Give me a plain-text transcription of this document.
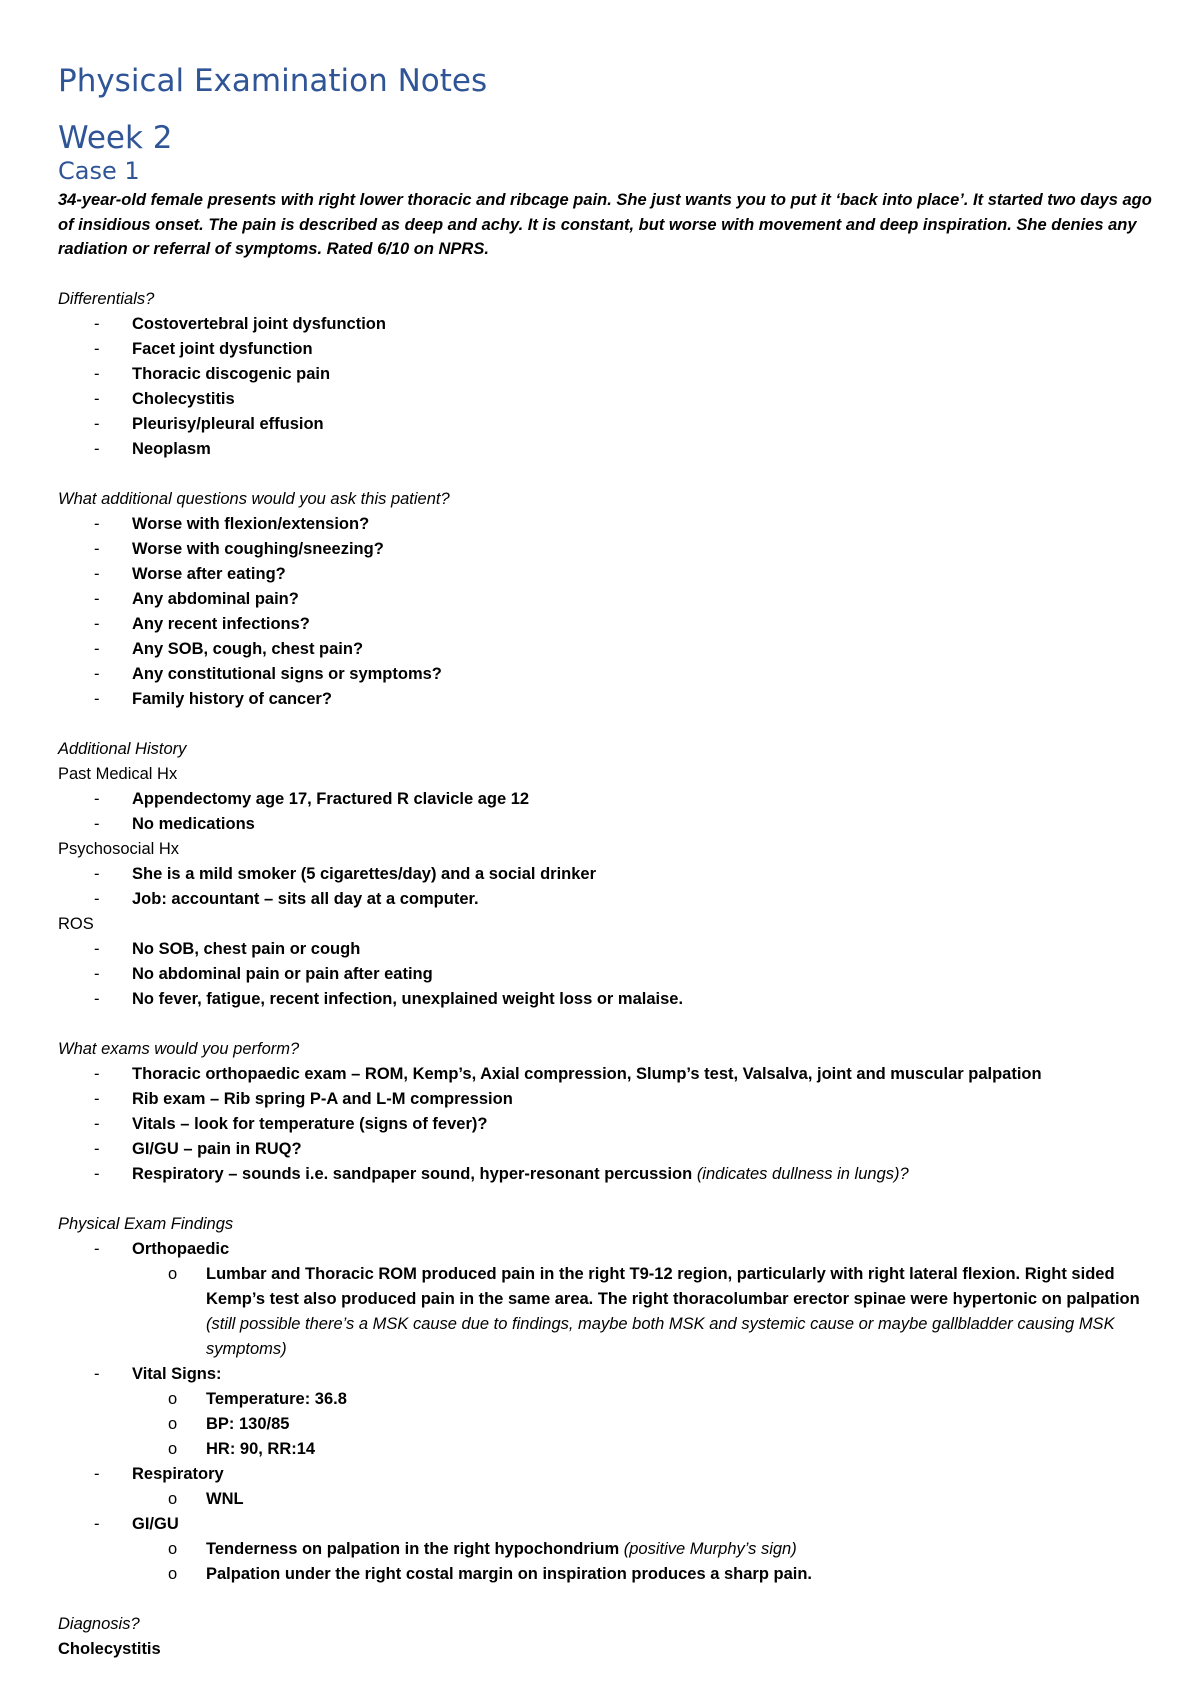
Physical Examination Notes
Week 2
Case 1

34-year-old female presents with right lower thoracic and ribcage pain. She just wants you to put it ‘back into place’. It started two days ago of insidious onset. The pain is described as deep and achy. It is constant, but worse with movement and deep inspiration. She denies any radiation or referral of symptoms. Rated 6/10 on NPRS.

Differentials?

- Costovertebral joint dysfunction
- Facet joint dysfunction
- Thoracic discogenic pain
- Cholecystitis
- Pleurisy/pleural effusion
- Neoplasm

What additional questions would you ask this patient?

- Worse with flexion/extension?
- Worse with coughing/sneezing?
- Worse after eating?
- Any abdominal pain?
- Any recent infections?
- Any SOB, cough, chest pain?
- Any constitutional signs or symptoms?
- Family history of cancer?

Additional History

Past Medical Hx

- Appendectomy age 17, Fractured R clavicle age 12
- No medications

Psychosocial Hx

- She is a mild smoker (5 cigarettes/day) and a social drinker
- Job: accountant – sits all day at a computer.

ROS

- No SOB, chest pain or cough
- No abdominal pain or pain after eating
- No fever, fatigue, recent infection, unexplained weight loss or malaise.

What exams would you perform?

- Thoracic orthopaedic exam – ROM, Kemp’s, Axial compression, Slump’s test, Valsalva, joint and muscular palpation
- Rib exam – Rib spring P-A and L-M compression
- Vitals – look for temperature (signs of fever)?
- GI/GU – pain in RUQ?
- Respiratory – sounds i.e. sandpaper sound, hyper-resonant percussion (indicates dullness in lungs)?

Physical Exam Findings

- Orthopaedic
o Lumbar and Thoracic ROM produced pain in the right T9-12 region, particularly with right lateral flexion. Right sided Kemp’s test also produced pain in the same area. The right thoracolumbar erector spinae were hypertonic on palpation (still possible there’s a MSK cause due to findings, maybe both MSK and systemic cause or maybe gallbladder causing MSK symptoms)
- Vital Signs:
o Temperature: 36.8
o BP: 130/85
o HR: 90, RR:14
- Respiratory
o WNL
- GI/GU
o Tenderness on palpation in the right hypochondrium (positive Murphy’s sign)
o Palpation under the right costal margin on inspiration produces a sharp pain.

Diagnosis?

Cholecystitis
